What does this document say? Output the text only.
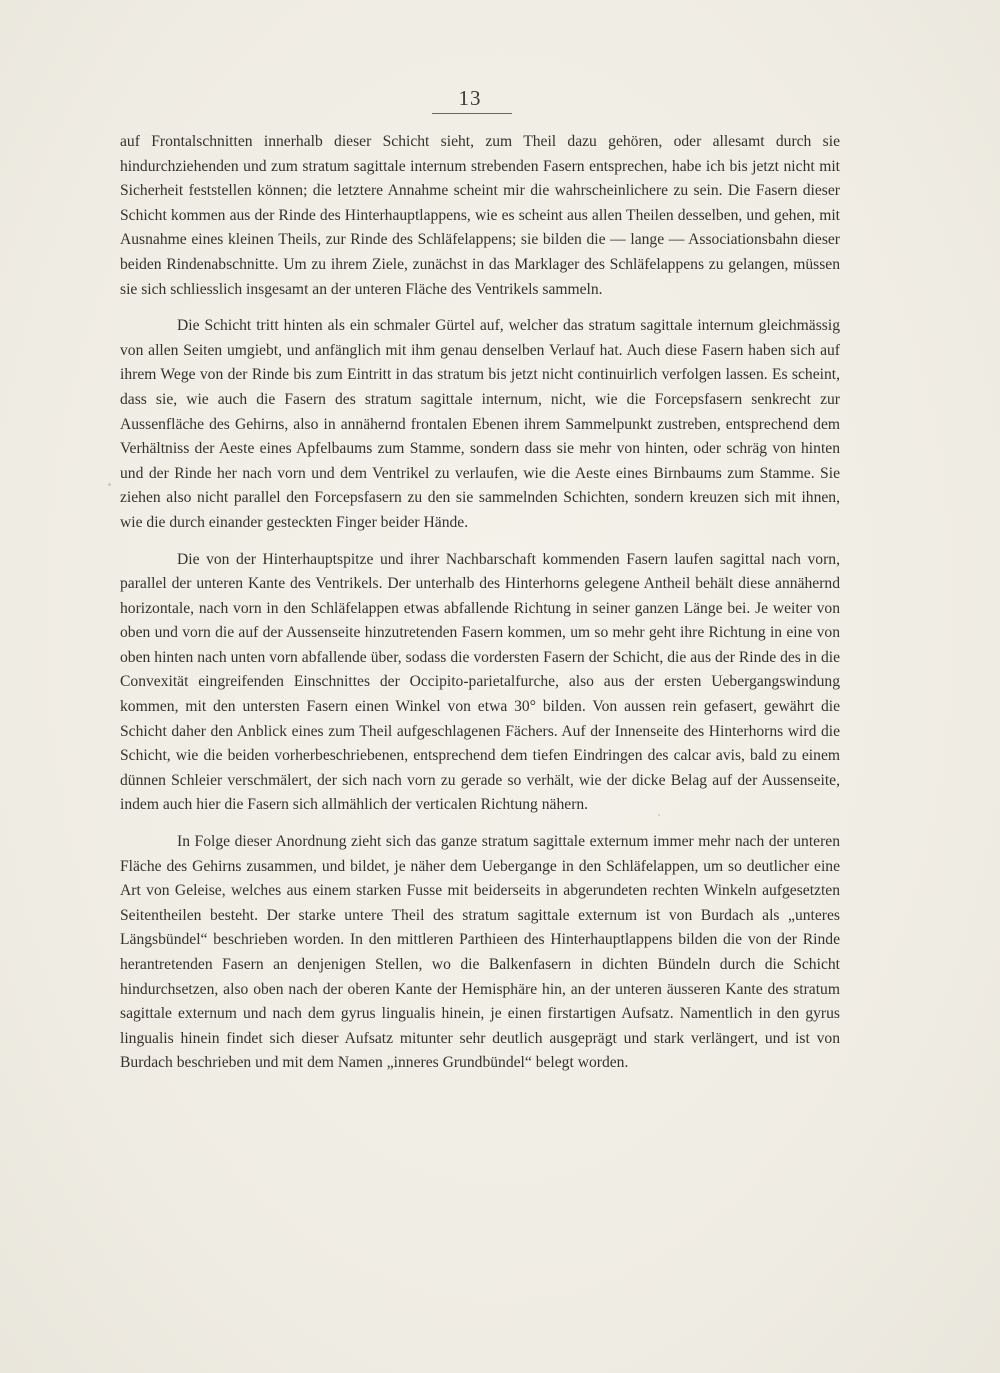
13

auf Frontalschnitten innerhalb dieser Schicht sieht, zum Theil dazu gehören, oder allesamt durch sie hindurchziehenden und zum stratum sagittale internum strebenden Fasern entsprechen, habe ich bis jetzt nicht mit Sicherheit feststellen können; die letztere Annahme scheint mir die wahrscheinlichere zu sein. Die Fasern dieser Schicht kommen aus der Rinde des Hinterhauptlappens, wie es scheint aus allen Theilen desselben, und gehen, mit Ausnahme eines kleinen Theils, zur Rinde des Schläfelappens; sie bilden die — lange — Associationsbahn dieser beiden Rindenabschnitte. Um zu ihrem Ziele, zunächst in das Marklager des Schläfelappens zu gelangen, müssen sie sich schliesslich insgesamt an der unteren Fläche des Ventrikels sammeln.

Die Schicht tritt hinten als ein schmaler Gürtel auf, welcher das stratum sagittale internum gleichmässig von allen Seiten umgiebt, und anfänglich mit ihm genau denselben Verlauf hat. Auch diese Fasern haben sich auf ihrem Wege von der Rinde bis zum Eintritt in das stratum bis jetzt nicht continuirlich verfolgen lassen. Es scheint, dass sie, wie auch die Fasern des stratum sagittale internum, nicht, wie die Forcepsfasern senkrecht zur Aussenfläche des Gehirns, also in annähernd frontalen Ebenen ihrem Sammelpunkt zustreben, entsprechend dem Verhältniss der Aeste eines Apfelbaums zum Stamme, sondern dass sie mehr von hinten, oder schräg von hinten und der Rinde her nach vorn und dem Ventrikel zu verlaufen, wie die Aeste eines Birnbaums zum Stamme. Sie ziehen also nicht parallel den Forcepsfasern zu den sie sammelnden Schichten, sondern kreuzen sich mit ihnen, wie die durch einander gesteckten Finger beider Hände.

Die von der Hinterhauptspitze und ihrer Nachbarschaft kommenden Fasern laufen sagittal nach vorn, parallel der unteren Kante des Ventrikels. Der unterhalb des Hinterhorns gelegene Antheil behält diese annähernd horizontale, nach vorn in den Schläfelappen etwas abfallende Richtung in seiner ganzen Länge bei. Je weiter von oben und vorn die auf der Aussenseite hinzutretenden Fasern kommen, um so mehr geht ihre Richtung in eine von oben hinten nach unten vorn abfallende über, sodass die vordersten Fasern der Schicht, die aus der Rinde des in die Convexität eingreifenden Einschnittes der Occipito-parietalfurche, also aus der ersten Uebergangswindung kommen, mit den untersten Fasern einen Winkel von etwa 30° bilden. Von aussen rein gefasert, gewährt die Schicht daher den Anblick eines zum Theil aufgeschlagenen Fächers. Auf der Innenseite des Hinterhorns wird die Schicht, wie die beiden vorherbeschriebenen, entsprechend dem tiefen Eindringen des calcar avis, bald zu einem dünnen Schleier verschmälert, der sich nach vorn zu gerade so verhält, wie der dicke Belag auf der Aussenseite, indem auch hier die Fasern sich allmählich der verticalen Richtung nähern.

In Folge dieser Anordnung zieht sich das ganze stratum sagittale externum immer mehr nach der unteren Fläche des Gehirns zusammen, und bildet, je näher dem Uebergange in den Schläfelappen, um so deutlicher eine Art von Geleise, welches aus einem starken Fusse mit beiderseits in abgerundeten rechten Winkeln aufgesetzten Seitentheilen besteht. Der starke untere Theil des stratum sagittale externum ist von Burdach als „unteres Längsbündel“ beschrieben worden. In den mittleren Parthieen des Hinterhauptlappens bilden die von der Rinde herantretenden Fasern an denjenigen Stellen, wo die Balkenfasern in dichten Bündeln durch die Schicht hindurchsetzen, also oben nach der oberen Kante der Hemisphäre hin, an der unteren äusseren Kante des stratum sagittale externum und nach dem gyrus lingualis hinein, je einen firstartigen Aufsatz. Namentlich in den gyrus lingualis hinein findet sich dieser Aufsatz mitunter sehr deutlich ausgeprägt und stark verlängert, und ist von Burdach beschrieben und mit dem Namen „inneres Grundbündel“ belegt worden.
